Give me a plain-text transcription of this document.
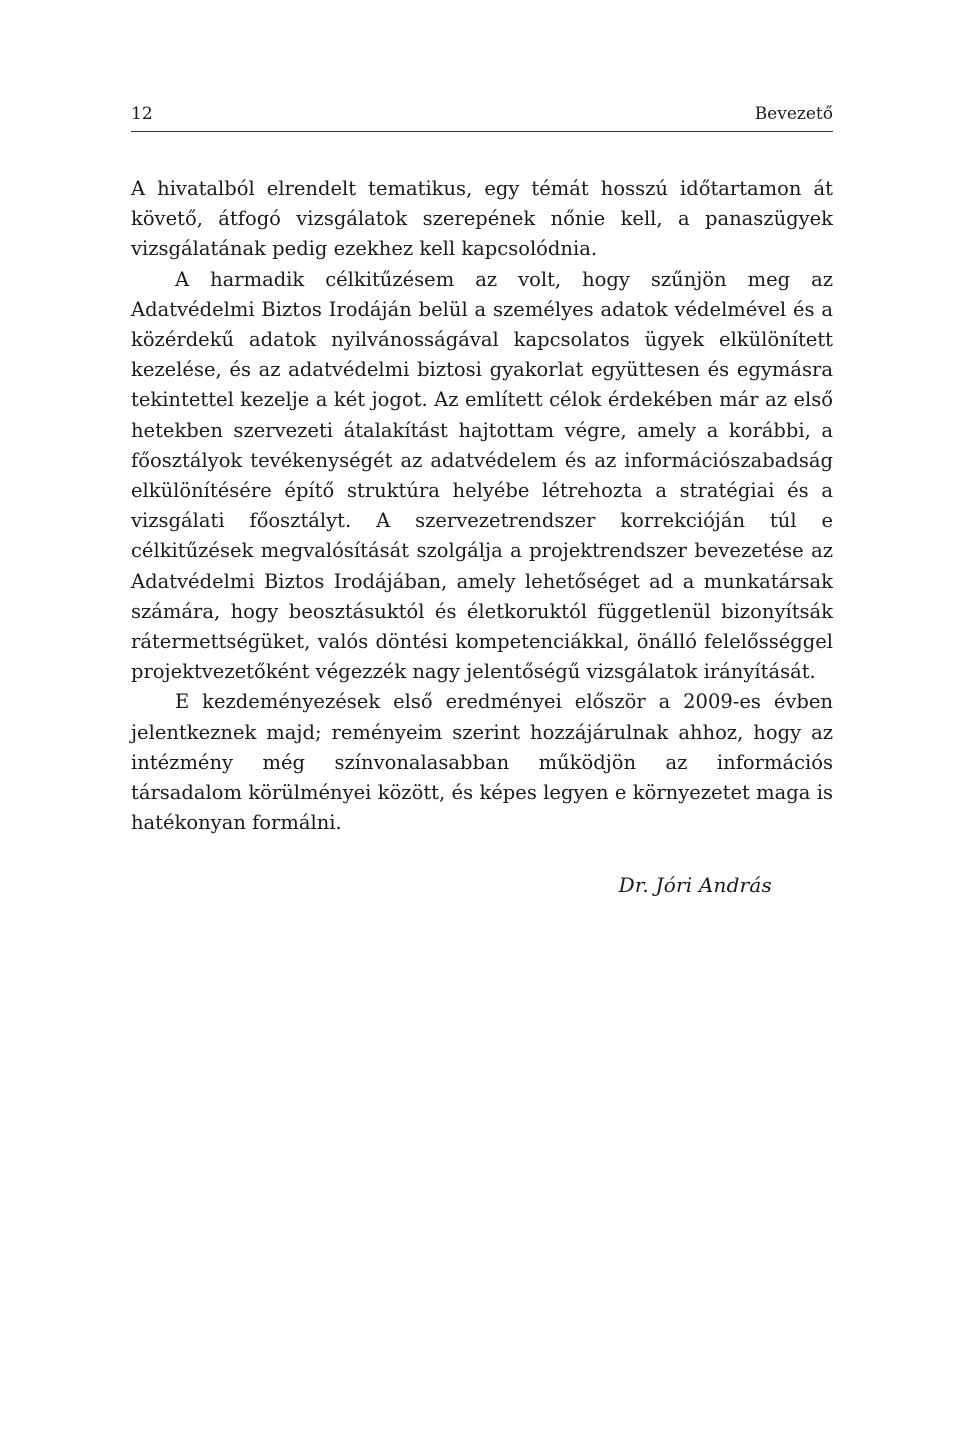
12	Bevezető

A hivatalból elrendelt tematikus, egy témát hosszú időtartamon át követő, átfogó vizsgálatok szerepének nőnie kell, a panaszügyek vizsgálatának pedig ezekhez kell kapcsolódnia.

A harmadik célkitűzésem az volt, hogy szűnjön meg az Adatvédelmi Biztos Irodáján belül a személyes adatok védelmével és a közérdekű adatok nyilvánosságával kapcsolatos ügyek elkülönített kezelése, és az adatvédelmi biztosi gyakorlat együttesen és egymásra tekintettel kezelje a két jogot. Az említett célok érdekében már az első hetekben szervezeti átalakítást hajtottam végre, amely a korábbi, a főosztályok tevékenységét az adatvédelem és az információszabadság elkülönítésére építő struktúra helyébe létrehozta a stratégiai és a vizsgálati főosztályt. A szervezetrendszer korrekcióján túl e célkitűzések megvalósítását szolgálja a projektrendszer bevezetése az Adatvédelmi Biztos Irodájában, amely lehetőséget ad a munkatársak számára, hogy beosztásuktól és életkoruktól függetlenül bizonyítsák rátermettségüket, valós döntési kompetenciákkal, önálló felelősséggel projektvezetőként végezzék nagy jelentőségű vizsgálatok irányítását.

E kezdeményezések első eredményei először a 2009-es évben jelentkeznek majd; reményeim szerint hozzájárulnak ahhoz, hogy az intézmény még színvonalasabban működjön az információs társadalom körülményei között, és képes legyen e környezetet maga is hatékonyan formálni.

Dr. Jóri András
